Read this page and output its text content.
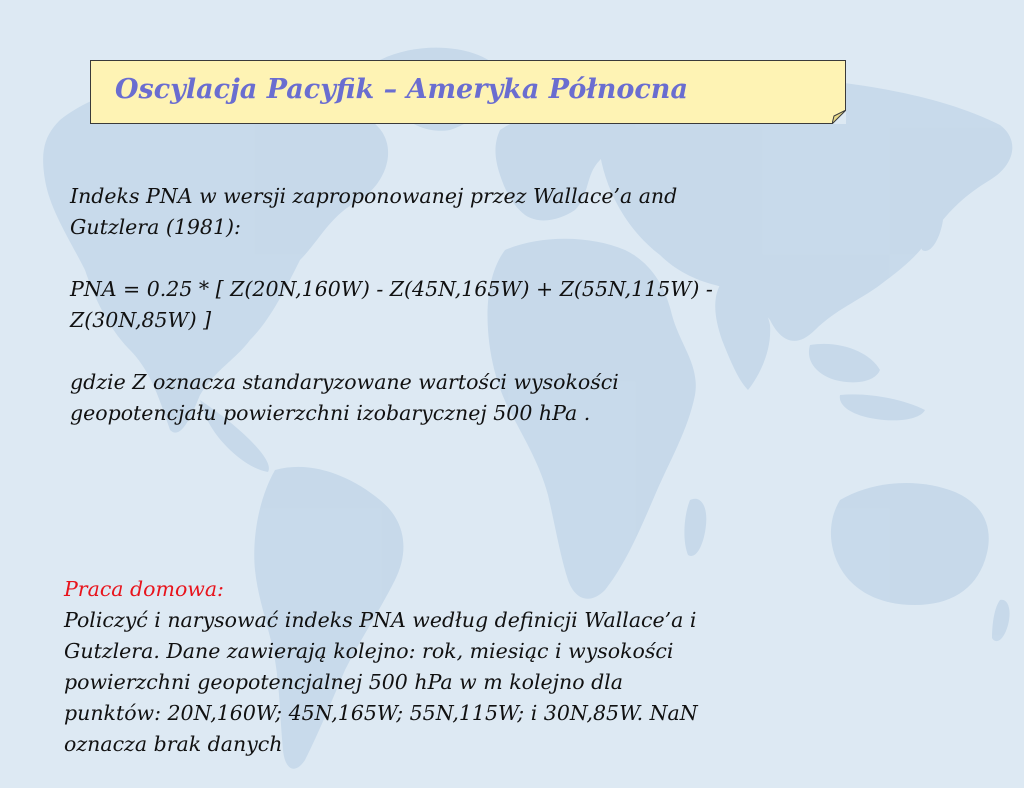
Oscylacja Pacyfik – Ameryka Północna

Indeks PNA w wersji zaproponowanej przez Wallace’a and

Gutzlera (1981):

PNA = 0.25 * [ Z(20N,160W) - Z(45N,165W) + Z(55N,115W) -

Z(30N,85W) ]

gdzie Z oznacza standaryzowane wartości wysokości

geopotencjału powierzchni izobarycznej 500 hPa .

Praca domowa:

Policzyć i narysować indeks PNA według definicji Wallace’a i

Gutzlera. Dane zawierają kolejno: rok, miesiąc i wysokości

powierzchni geopotencjalnej 500 hPa w m kolejno dla

punktów: 20N,160W; 45N,165W; 55N,115W; i 30N,85W. NaN

oznacza brak danych
